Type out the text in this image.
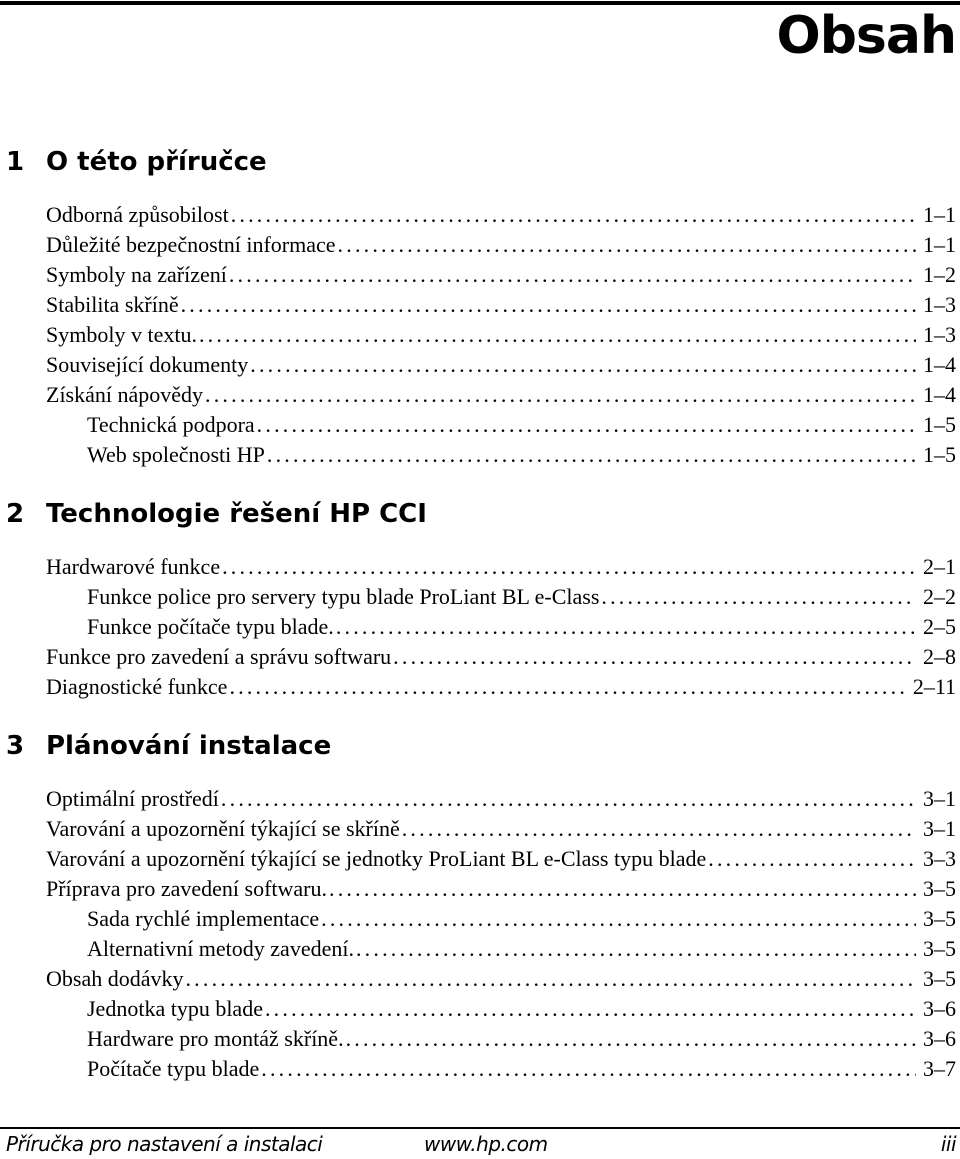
Obsah
1 O této příručce
Odborná způsobilost .....	1–1
Důležité bezpečnostní informace .....	1–1
Symboly na zařízení .....	1–2
Stabilita skříně .....	1–3
Symboly v textu. .....	1–3
Související dokumenty .....	1–4
Získání nápovědy .....	1–4
Technická podpora .....	1–5
Web společnosti HP .....	1–5
2 Technologie řešení HP CCI
Hardwarové funkce .....	2–1
Funkce police pro servery typu blade ProLiant BL e-Class .....	2–2
Funkce počítače typu blade. .....	2–5
Funkce pro zavedení a správu softwaru .....	2–8
Diagnostické funkce .....	2–11
3 Plánování instalace
Optimální prostředí .....	3–1
Varování a upozornění týkající se skříně .....	3–1
Varování a upozornění týkající se jednotky ProLiant BL e-Class typu blade .....	3–3
Příprava pro zavedení softwaru. .....	3–5
Sada rychlé implementace .....	3–5
Alternativní metody zavedení. .....	3–5
Obsah dodávky .....	3–5
Jednotka typu blade .....	3–6
Hardware pro montáž skříně. .....	3–6
Počítače typu blade .....	3–7
Příručka pro nastavení a instalaci	www.hp.com	iii
